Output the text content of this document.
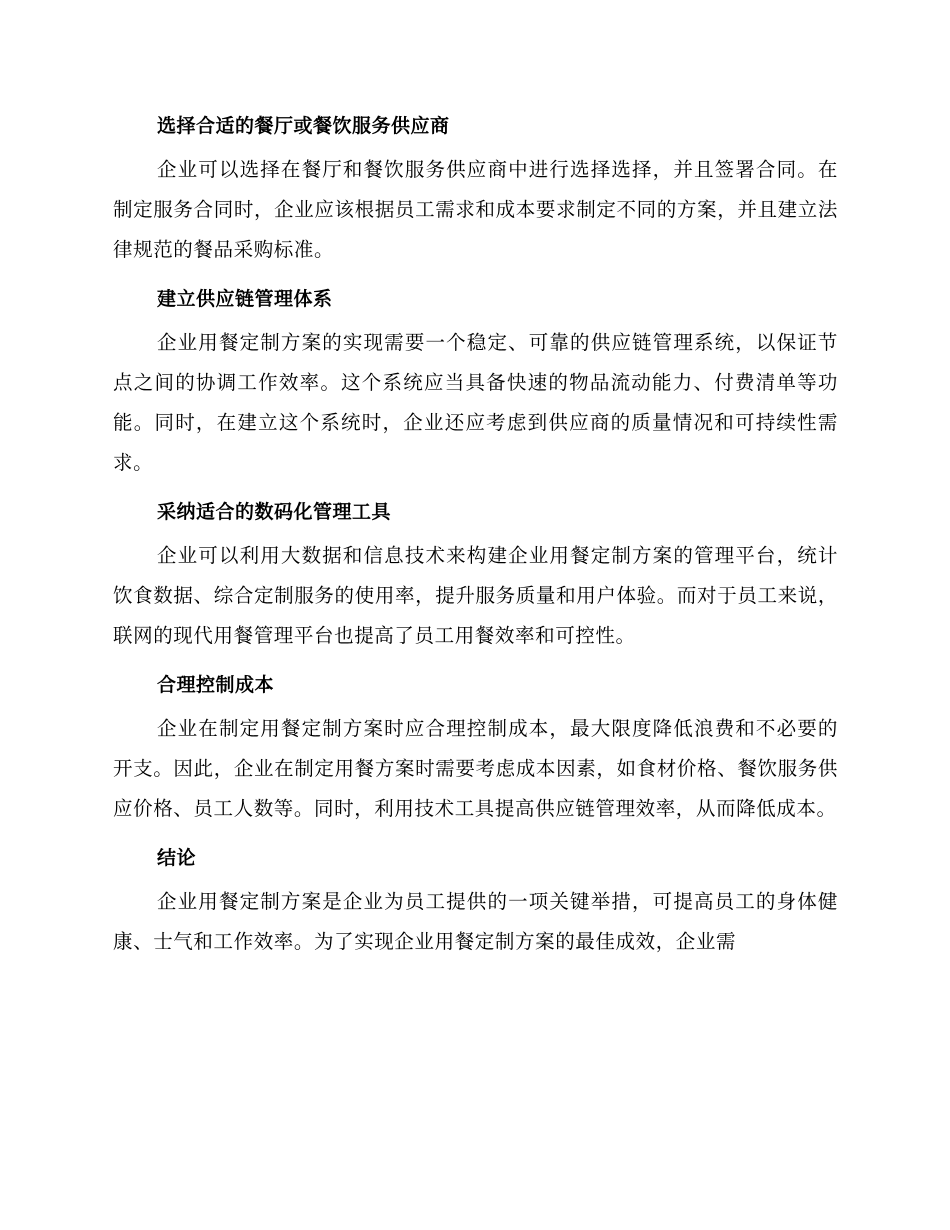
选择合适的餐厅或餐饮服务供应商
企业可以选择在餐厅和餐饮服务供应商中进行选择选择，并且签署合同。在制定服务合同时，企业应该根据员工需求和成本要求制定不同的方案，并且建立法律规范的餐品采购标准。
建立供应链管理体系
企业用餐定制方案的实现需要一个稳定、可靠的供应链管理系统，以保证节点之间的协调工作效率。这个系统应当具备快速的物品流动能力、付费清单等功能。同时，在建立这个系统时，企业还应考虑到供应商的质量情况和可持续性需求。
采纳适合的数码化管理工具
企业可以利用大数据和信息技术来构建企业用餐定制方案的管理平台，统计饮食数据、综合定制服务的使用率，提升服务质量和用户体验。而对于员工来说，联网的现代用餐管理平台也提高了员工用餐效率和可控性。
合理控制成本
企业在制定用餐定制方案时应合理控制成本，最大限度降低浪费和不必要的开支。因此，企业在制定用餐方案时需要考虑成本因素，如食材价格、餐饮服务供应价格、员工人数等。同时，利用技术工具提高供应链管理效率，从而降低成本。
结论
企业用餐定制方案是企业为员工提供的一项关键举措，可提高员工的身体健康、士气和工作效率。为了实现企业用餐定制方案的最佳成效，企业需
